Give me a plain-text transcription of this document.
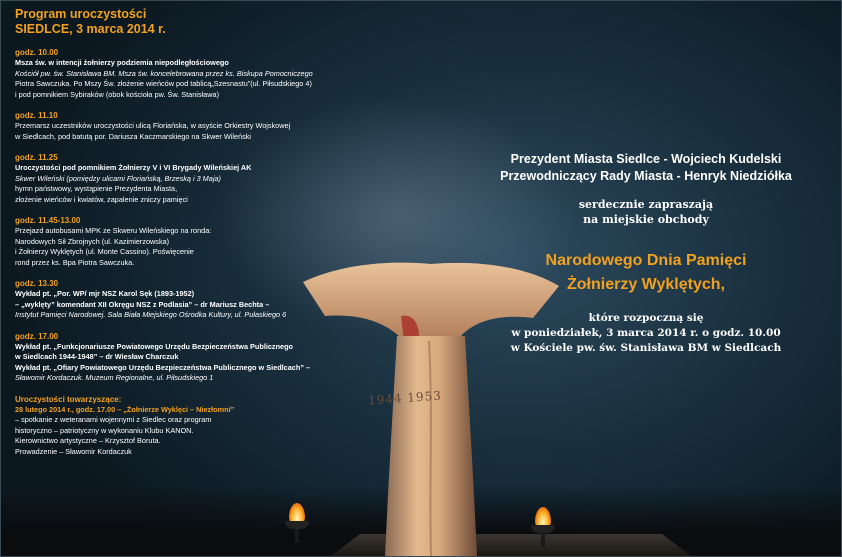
1944 1953
Program uroczystości
SIEDLCE, 3 marca 2014 r.
godz. 10.00
Msza św. w intencji żołnierzy podziemia niepodległościowego
Kościół pw. św. Stanisława BM. Msza św. koncelebrowana przez ks. Biskupa Pomocniczego
Piotra Sawczuka. Po Mszy Św. złożenie wieńców pod tablicą„Szesnastu”(ul. Piłsudskiego 4)
i pod pomnikiem Sybiraków (obok kościoła pw. Św. Stanisława)
godz. 11.10
Przemarsz uczestników uroczystości ulicą Floriańska, w asyście Orkiestry Wojskowej
w Siedlcach, pod batutą por. Dariusza Kaczmarskiego na Skwer Wileński
godz. 11.25
Uroczystości pod pomnikiem Żołnierzy V i VI Brygady Wileńskiej AK
Skwer Wileński (pomiędzy ulicami Floriańską, Brzeską i 3 Maja)
hymn państwowy, wystąpienie Prezydenta Miasta,
złożenie wieńców i kwiatów, zapalenie zniczy pamięci
godz. 11.45-13.00
Przejazd autobusami MPK ze Skweru Wileńskiego na ronda:
Narodowych Sił Zbrojnych (ul. Kazimierzowska)
i Żołnierzy Wyklętych (ul. Monte Cassino). Poświęcenie
rond przez ks. Bpa Piotra Sawczuka.
godz. 13.30
Wykład pt. „Por. WP/ mjr NSZ Karol Sęk (1893-1952)
– „wyklęty” komendant XII Okręgu NSZ z Podlasia” – dr Mariusz Bechta –
Instytut Pamięci Narodowej. Sala Biała Miejskiego Ośrodka Kultury, ul. Pułaskiego 6
godz. 17.00
Wykład pt. „Funkcjonariusze Powiatowego Urzędu Bezpieczeństwa Publicznego
w Siedlcach 1944-1948” – dr Wiesław Charczuk
Wykład pt. „Ofiary Powiatowego Urzędu Bezpieczeństwa Publicznego w Siedlcach” –
Sławomir Kordaczuk. Muzeum Regionalne, ul. Piłsudskiego 1
Uroczystości towarzyszące:
28 lutego 2014 r., godz. 17.00 – „Żołnierze Wyklęci – Niezłomni”
– spotkanie z weteranami wojennymi z Siedlec oraz program
historyczno – patriotyczny w wykonaniu Klubu KANON.
Kierownictwo artystyczne – Krzysztof Boruta.
Prowadzenie – Sławomir Kordaczuk
Prezydent Miasta Siedlce - Wojciech Kudelski
Przewodniczący Rady Miasta - Henryk Niedziółka
serdecznie zapraszają
na miejskie obchody
Narodowego Dnia Pamięci
Żołnierzy Wyklętych,
które rozpoczną się
w poniedziałek, 3 marca 2014 r. o godz. 10.00
w Kościele pw. św. Stanisława BM w Siedlcach
